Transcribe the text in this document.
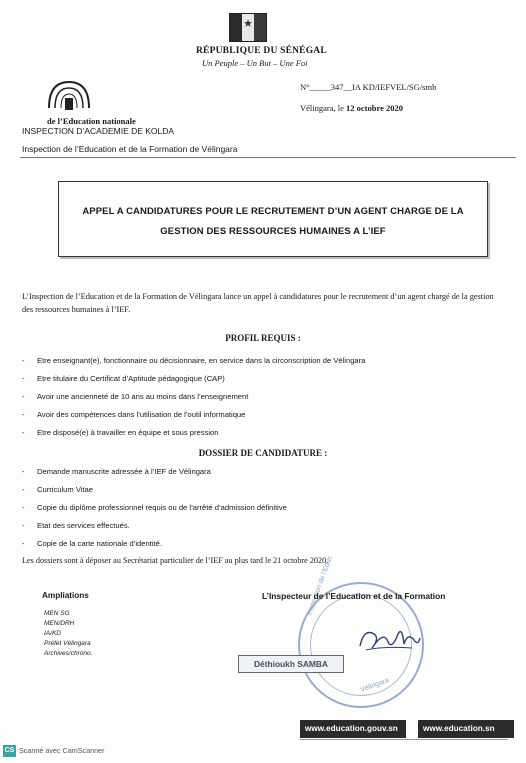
★
RÉPUBLIQUE DU SÉNÉGAL
Un Peuple – Un But – Une Foi
N°_____347__IA KD/IEFVEL/SG/smb
Vélingara, le 12 octobre 2020
de l’Education nationale
INSPECTION D’ACADEMIE DE KOLDA
Inspection de l’Education et de la Formation de Vélingara
APPEL A CANDIDATURES POUR LE RECRUTEMENT D’UN AGENT CHARGE DE LA
GESTION DES RESSOURCES HUMAINES A L’IEF
L’Inspection de l’Education et de la Formation de Vélingara lance un appel à candidatures pour le recrutement d’un agent chargé de la gestion des ressources humaines à l’IEF.
PROFIL REQUIS :
- Etre enseignant(e), fonctionnaire ou décisionnaire, en service dans la circonscription de Vélingara
- Etre titulaire du Certificat d’Aptitude pédagogique (CAP)
- Avoir une ancienneté de 10 ans au moins dans l’enseignement
- Avoir des compétences dans l’utilisation de l’outil informatique
- Etre disposé(e) à travailler en équipe et sous pression
DOSSIER DE CANDIDATURE :
- Demande manuscrite adressée à l’IEF de Vélingara
- Curriculum Vitae
- Copie du diplôme professionnel requis ou de l’arrêté d’admission définitive
- Etat des services effectués.
- Copie de la carte nationale d’identité.
Les dossiers sont à déposer au Secrétariat particulier de l’IEF au plus tard le 21 octobre 2020.
Ampliations
MEN SG
MEN/DRH
IA/KD
Préfet Vélingara
Archives/chrono.
Inspection de l’Educ
Vélingara
L’Inspecteur de l’Education et de la Formation
Déthioukh SAMBA
www.education.gouv.sn	www.education.sn
CS Scanné avec CamScanner
